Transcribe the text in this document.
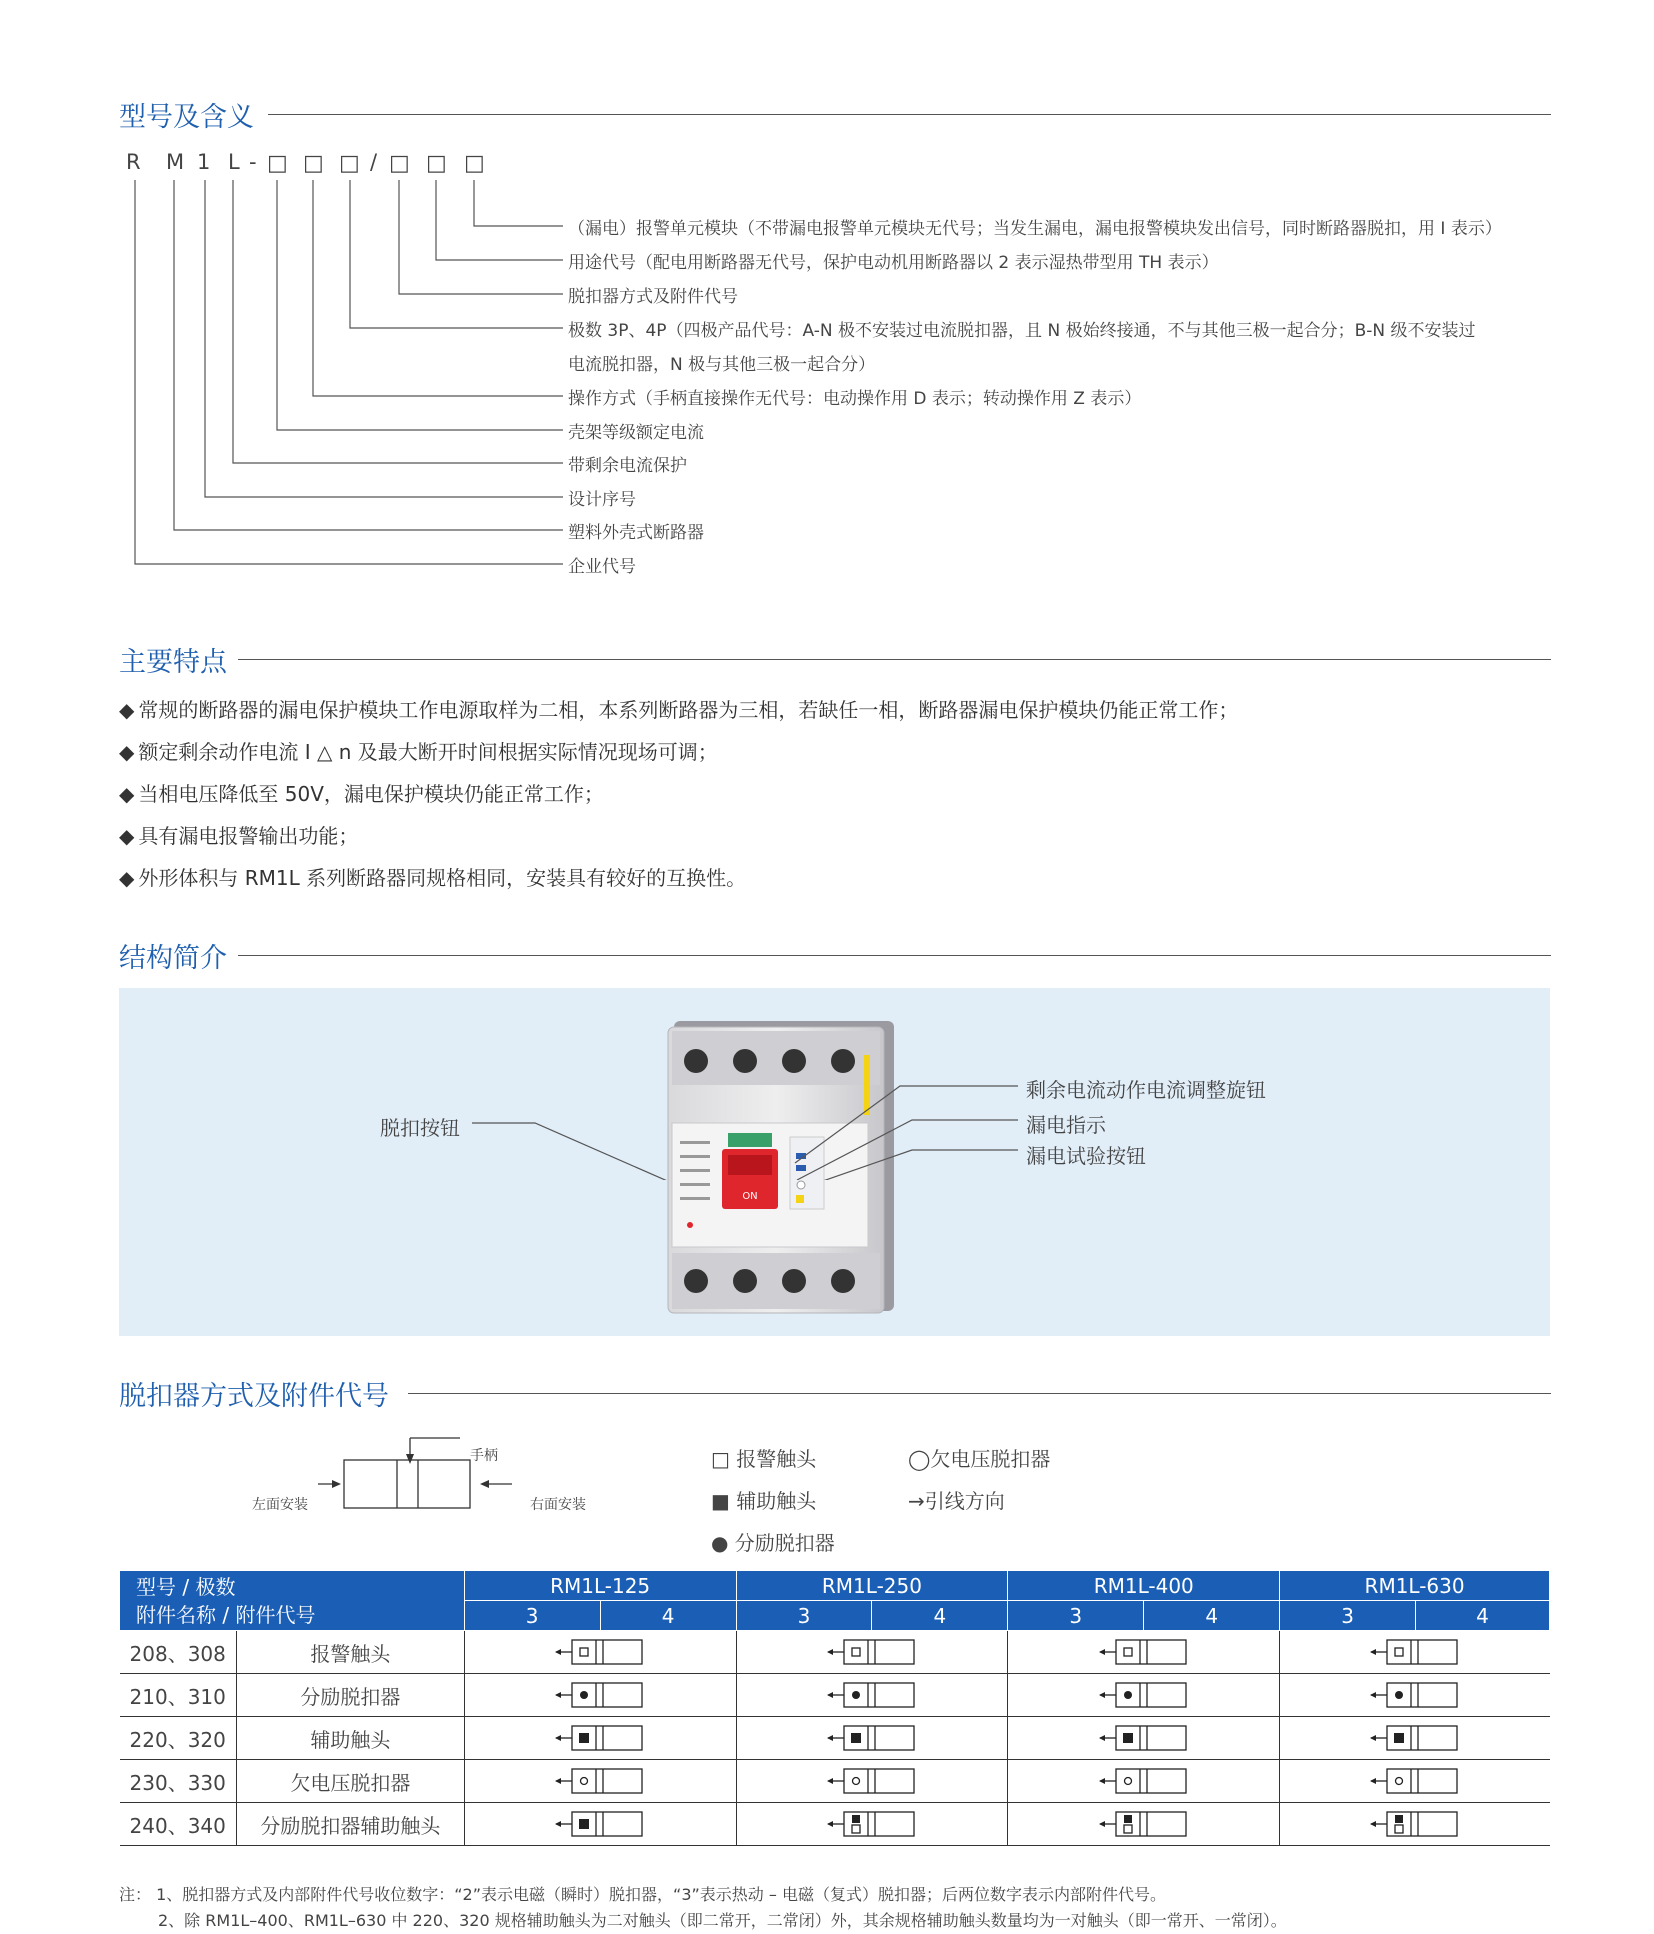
型号及含义
R M 1 L - □ □ □ / □ □ □
（漏电）报警单元模块（不带漏电报警单元模块无代号；当发生漏电，漏电报警模块发出信号，同时断路器脱扣，用 I 表示）
用途代号（配电用断路器无代号，保护电动机用断路器以 2 表示湿热带型用 TH 表示）
脱扣器方式及附件代号
极数 3P、4P（四极产品代号：A-N 极不安装过电流脱扣器，且 N 极始终接通，不与其他三极一起合分；B-N 级不安装过
电流脱扣器，N 极与其他三极一起合分）
操作方式（手柄直接操作无代号：电动操作用 D 表示；转动操作用 Z 表示）
壳架等级额定电流
带剩余电流保护
设计序号
塑料外壳式断路器
企业代号
主要特点
◆ 常规的断路器的漏电保护模块工作电源取样为二相，本系列断路器为三相，若缺任一相，断路器漏电保护模块仍能正常工作；
◆ 额定剩余动作电流 I △ n 及最大断开时间根据实际情况现场可调；
◆ 当相电压降低至 50V，漏电保护模块仍能正常工作；
◆ 具有漏电报警输出功能；
◆ 外形体积与 RM1L 系列断路器同规格相同，安装具有较好的互换性。
结构简介
ON
脱扣按钮
剩余电流动作电流调整旋钮
漏电指示
漏电试验按钮
脱扣器方式及附件代号
手柄
左面安装	右面安装
□ 报警触头	◯欠电压脱扣器
■ 辅助触头	→引线方向
● 分励脱扣器
型号 / 极数
附件名称 / 附件代号		RM1L-125		RM1L-250		RM1L-400		RM1L-630	
		3	4	3	4	3	4	3	4
208、308	报警触头				
210、310	分励脱扣器				
220、320	辅助触头				
230、330	欠电压脱扣器				
240、340	分励脱扣器辅助触头				
注： 1、脱扣器方式及内部附件代号收位数字：“2”表示电磁（瞬时）脱扣器，“3”表示热动 – 电磁（复式）脱扣器；后两位数字表示内部附件代号。
2、除 RM1L–400、RM1L–630 中 220、320 规格辅助触头为二对触头（即二常开，二常闭）外，其余规格辅助触头数量均为一对触头（即一常开、一常闭）。
